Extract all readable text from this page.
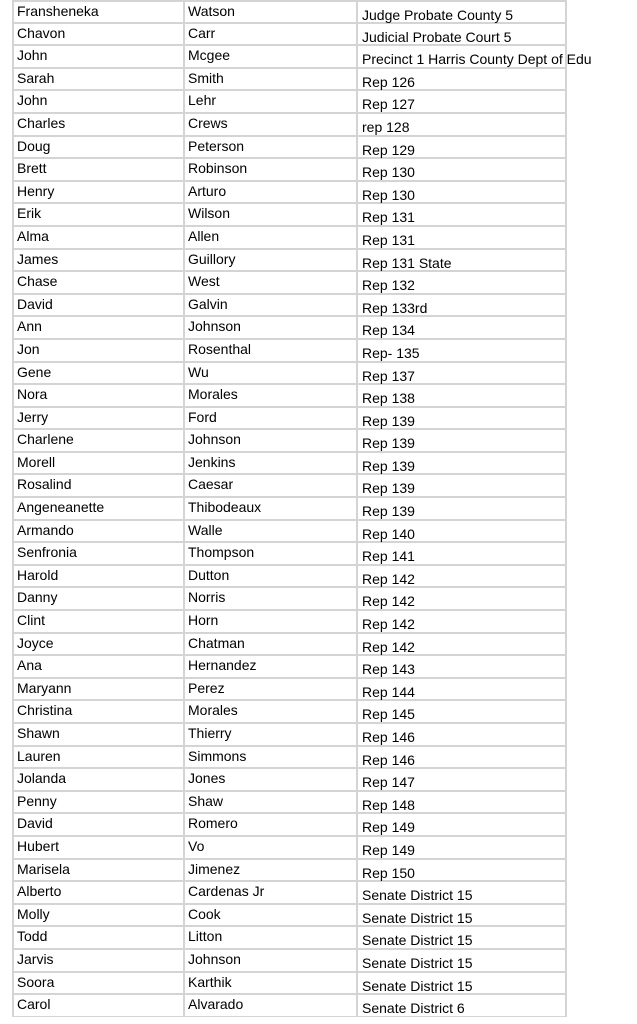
Fransheneka	Watson	Judge Probate County 5
Chavon	Carr	Judicial Probate Court 5
John	Mcgee	Precinct 1 Harris County Dept of Edu
Sarah	Smith	Rep 126
John	Lehr	Rep 127
Charles	Crews	rep 128
Doug	Peterson	Rep 129
Brett	Robinson	Rep 130
Henry	Arturo	Rep 130
Erik	Wilson	Rep 131
Alma	Allen	Rep 131
James	Guillory	Rep 131 State
Chase	West	Rep 132
David	Galvin	Rep 133rd
Ann	Johnson	Rep 134
Jon	Rosenthal	Rep- 135
Gene	Wu	Rep 137
Nora	Morales	Rep 138
Jerry	Ford	Rep 139
Charlene	Johnson	Rep 139
Morell	Jenkins	Rep 139
Rosalind	Caesar	Rep 139
Angeneanette	Thibodeaux	Rep 139
Armando	Walle	Rep 140
Senfronia	Thompson	Rep 141
Harold	Dutton	Rep 142
Danny	Norris	Rep 142
Clint	Horn	Rep 142
Joyce	Chatman	Rep 142
Ana	Hernandez	Rep 143
Maryann	Perez	Rep 144
Christina	Morales	Rep 145
Shawn	Thierry	Rep 146
Lauren	Simmons	Rep 146
Jolanda	Jones	Rep 147
Penny	Shaw	Rep 148
David	Romero	Rep 149
Hubert	Vo	Rep 149
Marisela	Jimenez	Rep 150
Alberto	Cardenas Jr	Senate District 15
Molly	Cook	Senate District 15
Todd	Litton	Senate District 15
Jarvis	Johnson	Senate District 15
Soora	Karthik	Senate District 15
Carol	Alvarado	Senate District 6
